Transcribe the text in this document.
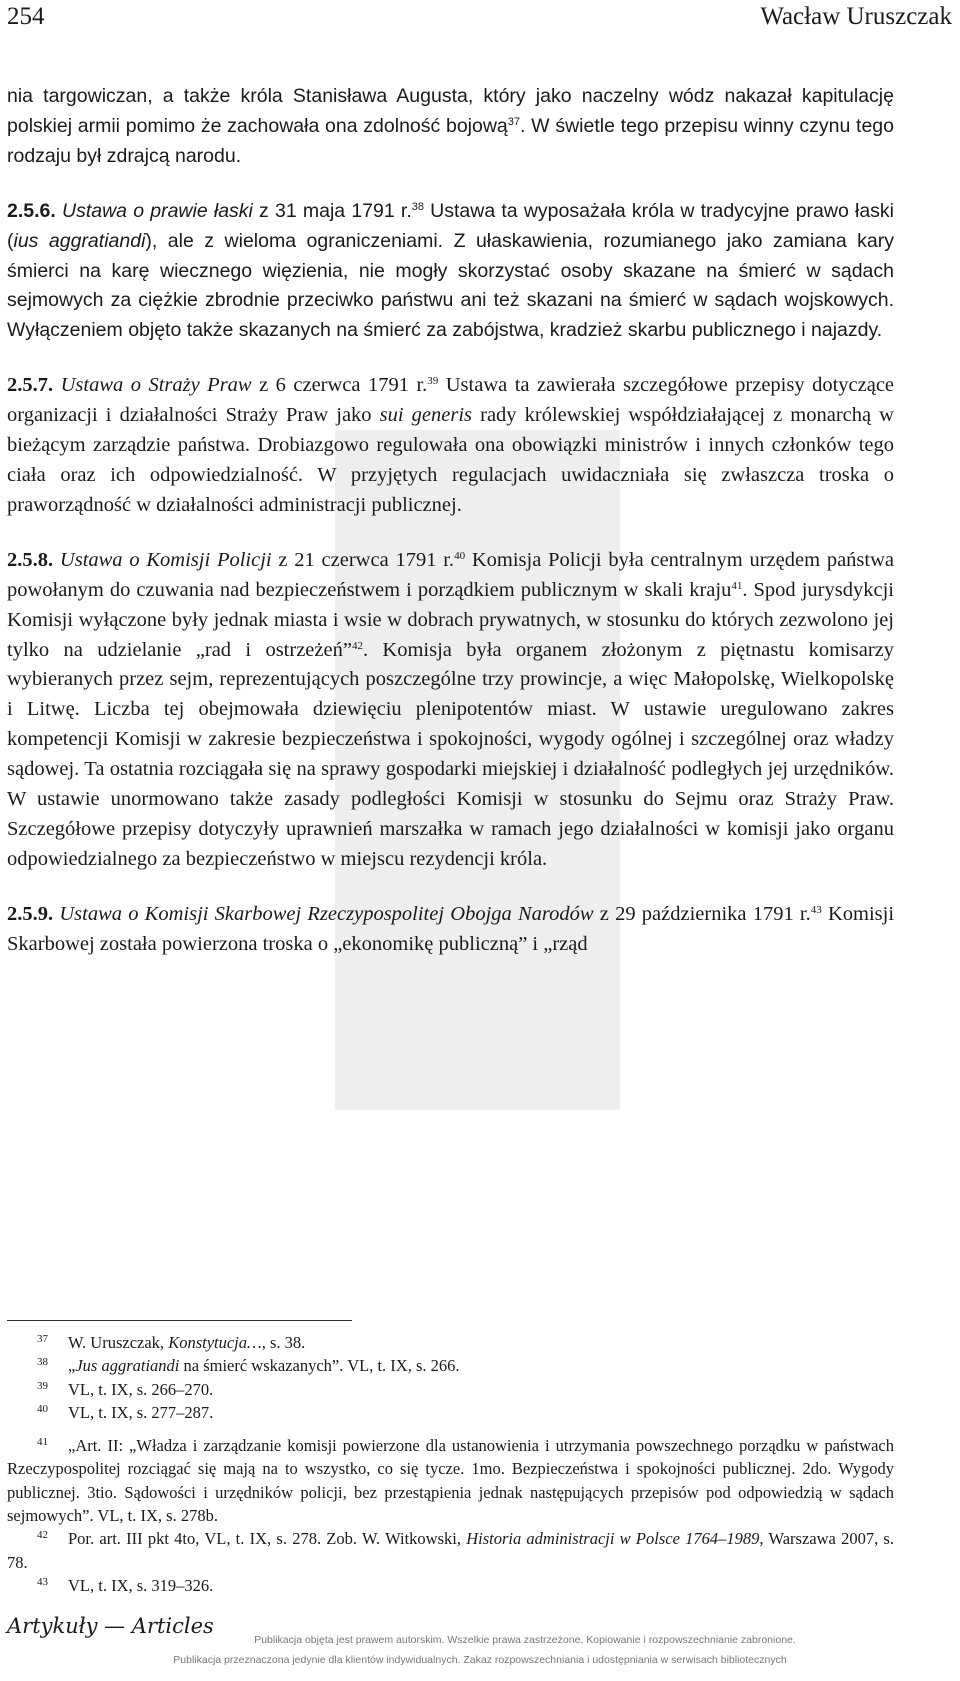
254	Wacław Uruszczak

nia targowiczan, a także króla Stanisława Augusta, który jako naczelny wódz nakazał kapitulację polskiej armii pomimo że zachowała ona zdolność bojową$^{37}$. W świetle tego przepisu winny czynu tego rodzaju był zdrajcą narodu.

2.5.6. Ustawa o prawie łaski z 31 maja 1791 r.$^{38}$ Ustawa ta wyposażała króla w tradycyjne prawo łaski (ius aggratiandi), ale z wieloma ograniczeniami. Z ułaskawienia, rozumianego jako zamiana kary śmierci na karę wiecznego więzienia, nie mogły skorzystać osoby skazane na śmierć w sądach sejmowych za ciężkie zbrodnie przeciwko państwu ani też skazani na śmierć w sądach wojskowych. Wyłączeniem objęto także skazanych na śmierć za zabójstwa, kradzież skarbu publicznego i najazdy.

2.5.7. Ustawa o Straży Praw z 6 czerwca 1791 r.$^{39}$ Ustawa ta zawierała szczegółowe przepisy dotyczące organizacji i działalności Straży Praw jako sui generis rady królewskiej współdziałającej z monarchą w bieżącym zarządzie państwa. Drobiazgowo regulowała ona obowiązki ministrów i innych członków tego ciała oraz ich odpowiedzialność. W przyjętych regulacjach uwidaczniała się zwłaszcza troska o praworządność w działalności administracji publicznej.

2.5.8. Ustawa o Komisji Policji z 21 czerwca 1791 r.$^{40}$ Komisja Policji była centralnym urzędem państwa powołanym do czuwania nad bezpieczeństwem i porządkiem publicznym w skali kraju$^{41}$. Spod jurysdykcji Komisji wyłączone były jednak miasta i wsie w dobrach prywatnych, w stosunku do których zezwolono jej tylko na udzielanie „rad i ostrzeżeń”$^{42}$. Komisja była organem złożonym z piętnastu komisarzy wybieranych przez sejm, reprezentujących poszczególne trzy prowincje, a więc Małopolskę, Wielkopolskę i Litwę. Liczba tej obejmowała dziewięciu plenipotentów miast. W ustawie uregulowano zakres kompetencji Komisji w zakresie bezpieczeństwa i spokojności, wygody ogólnej i szczególnej oraz władzy sądowej. Ta ostatnia rozciągała się na sprawy gospodarki miejskiej i działalność podległych jej urzędników. W ustawie unormowano także zasady podległości Komisji w stosunku do Sejmu oraz Straży Praw. Szczegółowe przepisy dotyczyły uprawnień marszałka w ramach jego działalności w komisji jako organu odpowiedzialnego za bezpieczeństwo w miejscu rezydencji króla.

2.5.9. Ustawa o Komisji Skarbowej Rzeczypospolitej Obojga Narodów z 29 października 1791 r.$^{43}$ Komisji Skarbowej została powierzona troska o „ekonomikę publiczną” i „rząd

37 W. Uruszczak, Konstytucja…, s. 38.

38 „Jus aggratiandi na śmierć wskazanych”. VL, t. IX, s. 266.

39 VL, t. IX, s. 266–270.

40 VL, t. IX, s. 277–287.

41 „Art. II: „Władza i zarządzanie komisji powierzone dla ustanowienia i utrzymania powszechnego porządku w państwach Rzeczypospolitej rozciągać się mają na to wszystko, co się tycze. 1mo. Bezpieczeństwa i spokojności publicznej. 2do. Wygody publicznej. 3tio. Sądowości i urzędników policji, bez przestąpienia jednak następujących przepisów pod odpowiedzią w sądach sejmowych”. VL, t. IX, s. 278b.

42 Por. art. III pkt 4to, VL, t. IX, s. 278. Zob. W. Witkowski, Historia administracji w Polsce 1764–1989, Warszawa 2007, s. 78.

43 VL, t. IX, s. 319–326.

Artykuły — Articles
Publikacja objęta jest prawem autorskim. Wszelkie prawa zastrzeżone. Kopiowanie i rozpowszechnianie zabronione.
Publikacja przeznaczona jedynie dla klientów indywidualnych. Zakaz rozpowszechniania i udostępniania w serwisach bibliotecznych
